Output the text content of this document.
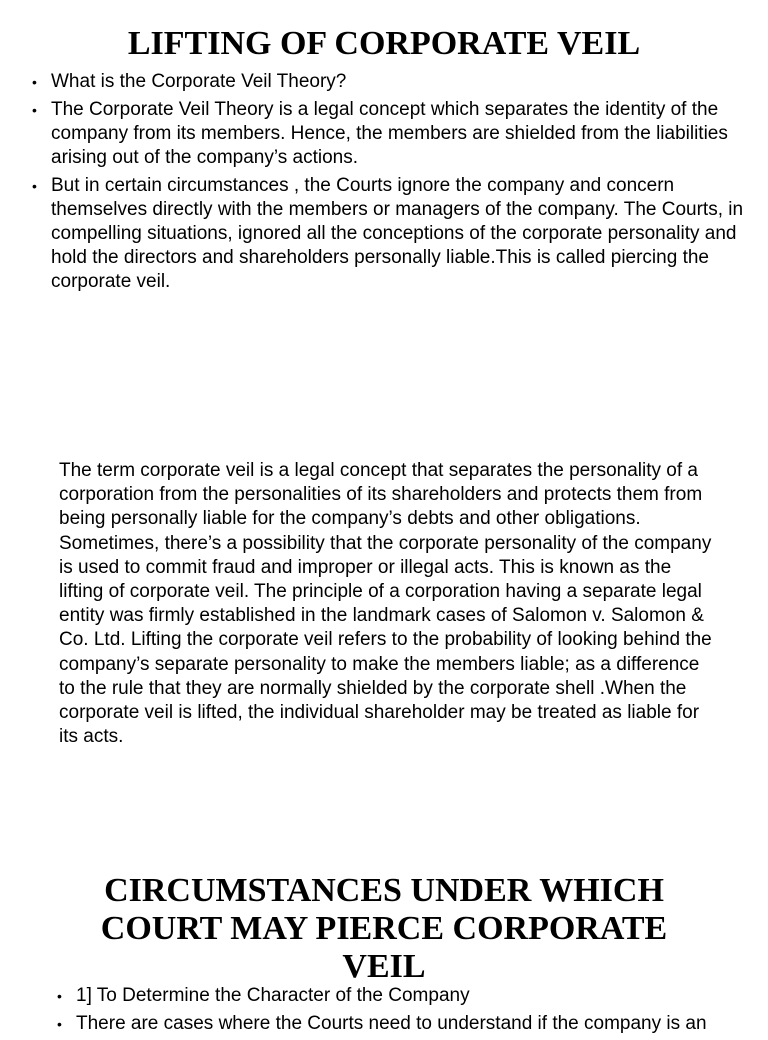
LIFTING OF CORPORATE VEIL
• What is the Corporate Veil Theory?
• The Corporate Veil Theory is a legal concept which separates the identity of the company from its members. Hence, the members are shielded from the liabilities arising out of the company’s actions.
• But in certain circumstances , the Courts ignore the company and concern themselves directly with the members or managers of the company. The Courts, in compelling situations, ignored all the conceptions of the corporate personality and hold the directors and shareholders personally liable.This is called piercing the corporate veil.

The term corporate veil is a legal concept that separates the personality of a corporation from the personalities of its shareholders and protects them from being personally liable for the company’s debts and other obligations. Sometimes, there’s a possibility that the corporate personality of the company is used to commit fraud and improper or illegal acts. This is known as the lifting of corporate veil. The principle of a corporation having a separate legal entity was firmly established in the landmark cases of Salomon v. Salomon & Co. Ltd. Lifting the corporate veil refers to the probability of looking behind the company’s separate personality to make the members liable; as a difference to the rule that they are normally shielded by the corporate shell .When the corporate veil is lifted, the individual shareholder may be treated as liable for its acts.

CIRCUMSTANCES UNDER WHICH
COURT MAY PIERCE CORPORATE
VEIL
• 1] To Determine the Character of the Company
• There are cases where the Courts need to understand if the company is an
